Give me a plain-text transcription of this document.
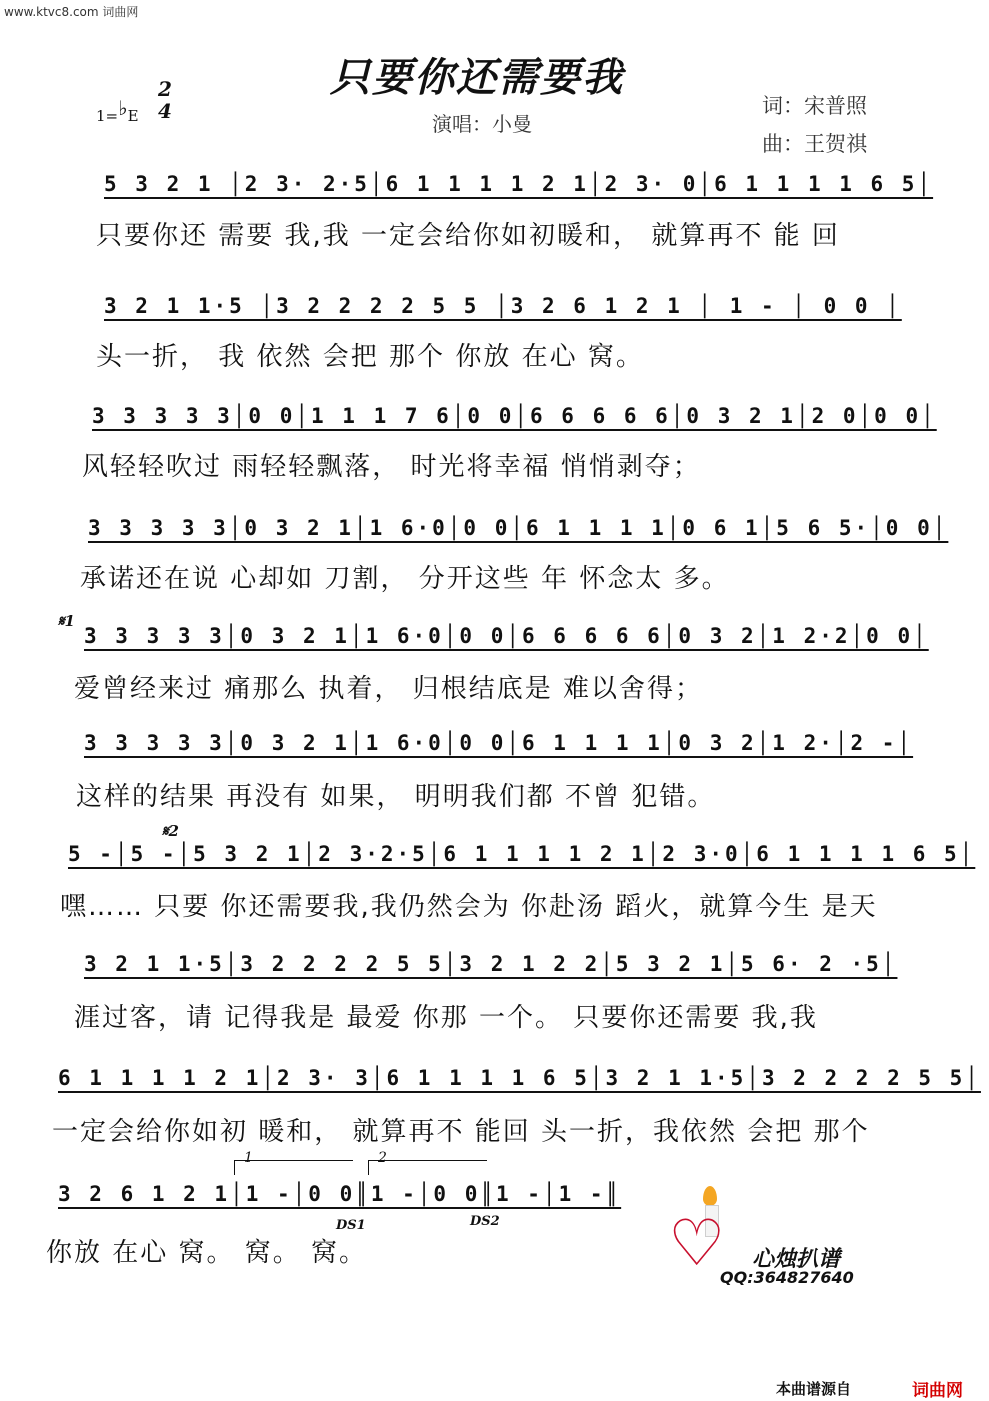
www.ktvc8.com 词曲网
只要你还需要我
1=♭E
2
4
演唱：小曼
词：宋普照
曲：王贺祺
5 3 2 1 │2 3· 2·5│6 1 1 1 1 2 1│2 3· 0│6 1 1 1 1 6 5│
只要你还 需要 我,我 一定会给你如初暖和， 就算再不 能 回
3 2 1 1·5 │3 2 2 2 2 5 5 │3 2 6 1 2 1 │ 1 - │ 0 0 │
头一折， 我 依然 会把 那个 你放 在心 窝。
3 3 3 3 3│0 0│1 1 1 7 6│0 0│6 6 6 6 6│0 3 2 1│2 0│0 0│
风轻轻吹过 雨轻轻飘落， 时光将幸福 悄悄剥夺；
3 3 3 3 3│0 3 2 1│1 6·0│0 0│6 1 1 1 1│0 6 1│5 6 5·│0 0│
承诺还在说 心却如 刀割， 分开这些 年 怀念太 多。
𝄋1
3 3 3 3 3│0 3 2 1│1 6·0│0 0│6 6 6 6 6│0 3 2│1 2·2│0 0│
爱曾经来过 痛那么 执着， 归根结底是 难以舍得；
3 3 3 3 3│0 3 2 1│1 6·0│0 0│6 1 1 1 1│0 3 2│1 2·│2 -│
这样的结果 再没有 如果， 明明我们都 不曾 犯错。
𝄋2
5 -│5 -│5 3 2 1│2 3·2·5│6 1 1 1 1 2 1│2 3·0│6 1 1 1 1 6 5│
嘿…… 只要 你还需要我,我仍然会为 你赴汤 蹈火，就算今生 是天
3 2 1 1·5│3 2 2 2 2 5 5│3 2 1 2 2│5 3 2 1│5 6· 2 ·5│
涯过客，请 记得我是 最爱 你那 一个。 只要你还需要 我,我
6 1 1 1 1 2 1│2 3· 3│6 1 1 1 1 6 5│3 2 1 1·5│3 2 2 2 2 5 5│
一定会给你如初 暖和， 就算再不 能回 头一折，我依然 会把 那个
1	2
3 2 6 1 2 1│1 -│0 0║1 -│0 0║1 -│1 -║
DS1	DS2
你放 在心 窝。 窝。 窝。	♡ 心烛扒谱
QQ:364827640
本曲谱源自	词曲网
